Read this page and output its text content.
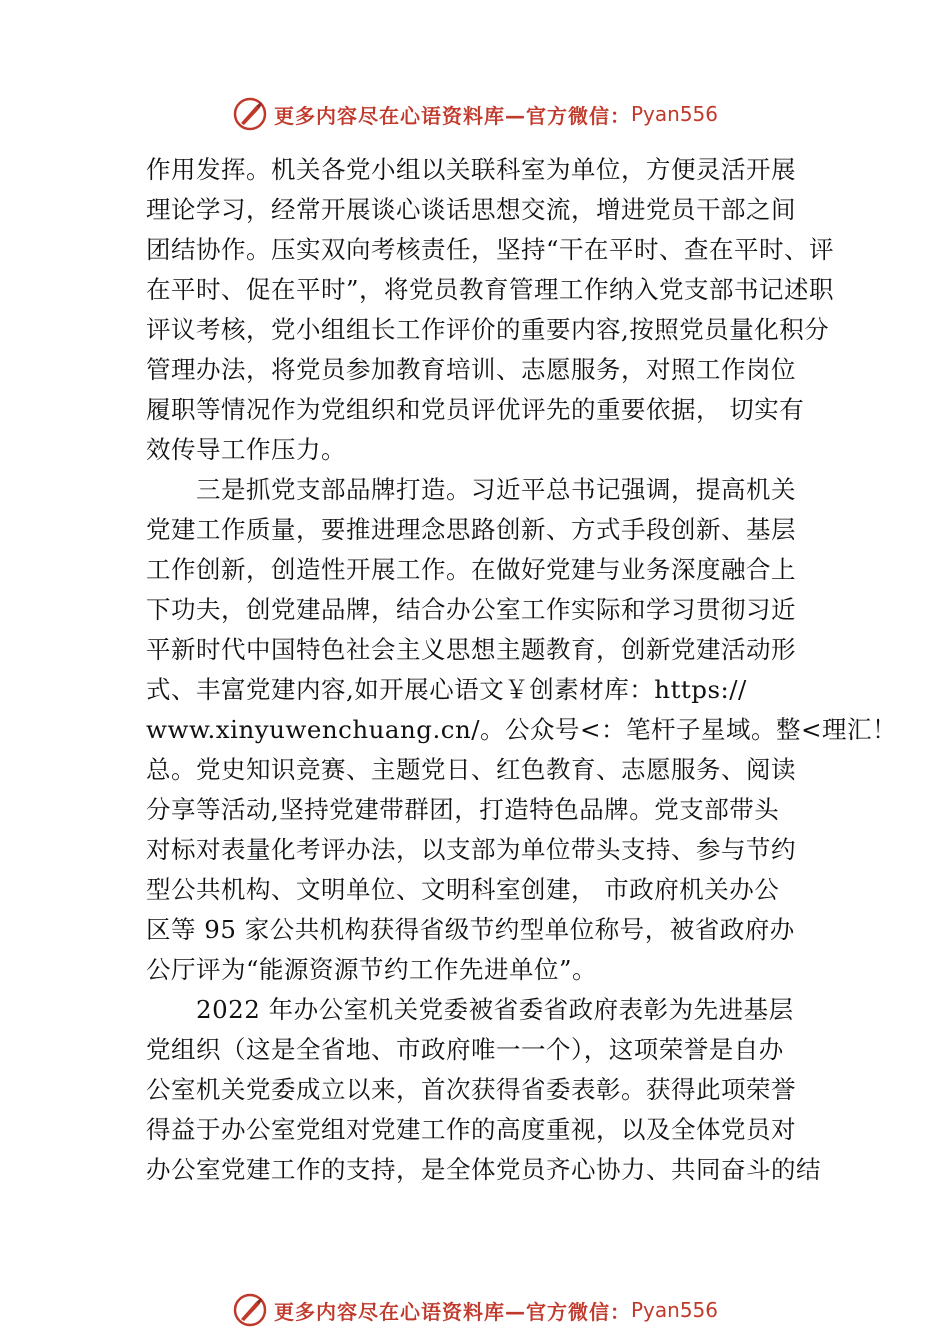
更多内容尽在心语资料库—官方微信： Pyan556
作用发挥。机关各党小组以关联科室为单位，方便灵活开展
理论学习，经常开展谈心谈话思想交流，增进党员干部之间
团结协作。压实双向考核责任，坚持“干在平时、查在平时、评
在平时、促在平时”，将党员教育管理工作纳入党支部书记述职
评议考核，党小组组长工作评价的重要内容,按照党员量化积分
管理办法，将党员参加教育培训、志愿服务，对照工作岗位
履职等情况作为党组织和党员评优评先的重要依据， 切实有
效传导工作压力。
三是抓党支部品牌打造。习近平总书记强调，提高机关
党建工作质量，要推进理念思路创新、方式手段创新、基层
工作创新，创造性开展工作。在做好党建与业务深度融合上
下功夫，创党建品牌，结合办公室工作实际和学习贯彻习近
平新时代中国特色社会主义思想主题教育，创新党建活动形
式、丰富党建内容,如开展心语文￥创素材库：https://
www.xinyuwenchuang.cn/。公众号<：笔杆子星域。整<理汇！
总。党史知识竞赛、主题党日、红色教育、志愿服务、阅读
分享等活动,坚持党建带群团，打造特色品牌。党支部带头
对标对表量化考评办法，以支部为单位带头支持、参与节约
型公共机构、文明单位、文明科室创建， 市政府机关办公
区等 95 家公共机构获得省级节约型单位称号，被省政府办
公厅评为“能源资源节约工作先进单位”。
2022 年办公室机关党委被省委省政府表彰为先进基层
党组织（这是全省地、市政府唯一一个），这项荣誉是自办
公室机关党委成立以来，首次获得省委表彰。获得此项荣誉
得益于办公室党组对党建工作的高度重视，以及全体党员对
办公室党建工作的支持，是全体党员齐心协力、共同奋斗的结
更多内容尽在心语资料库—官方微信： Pyan556
